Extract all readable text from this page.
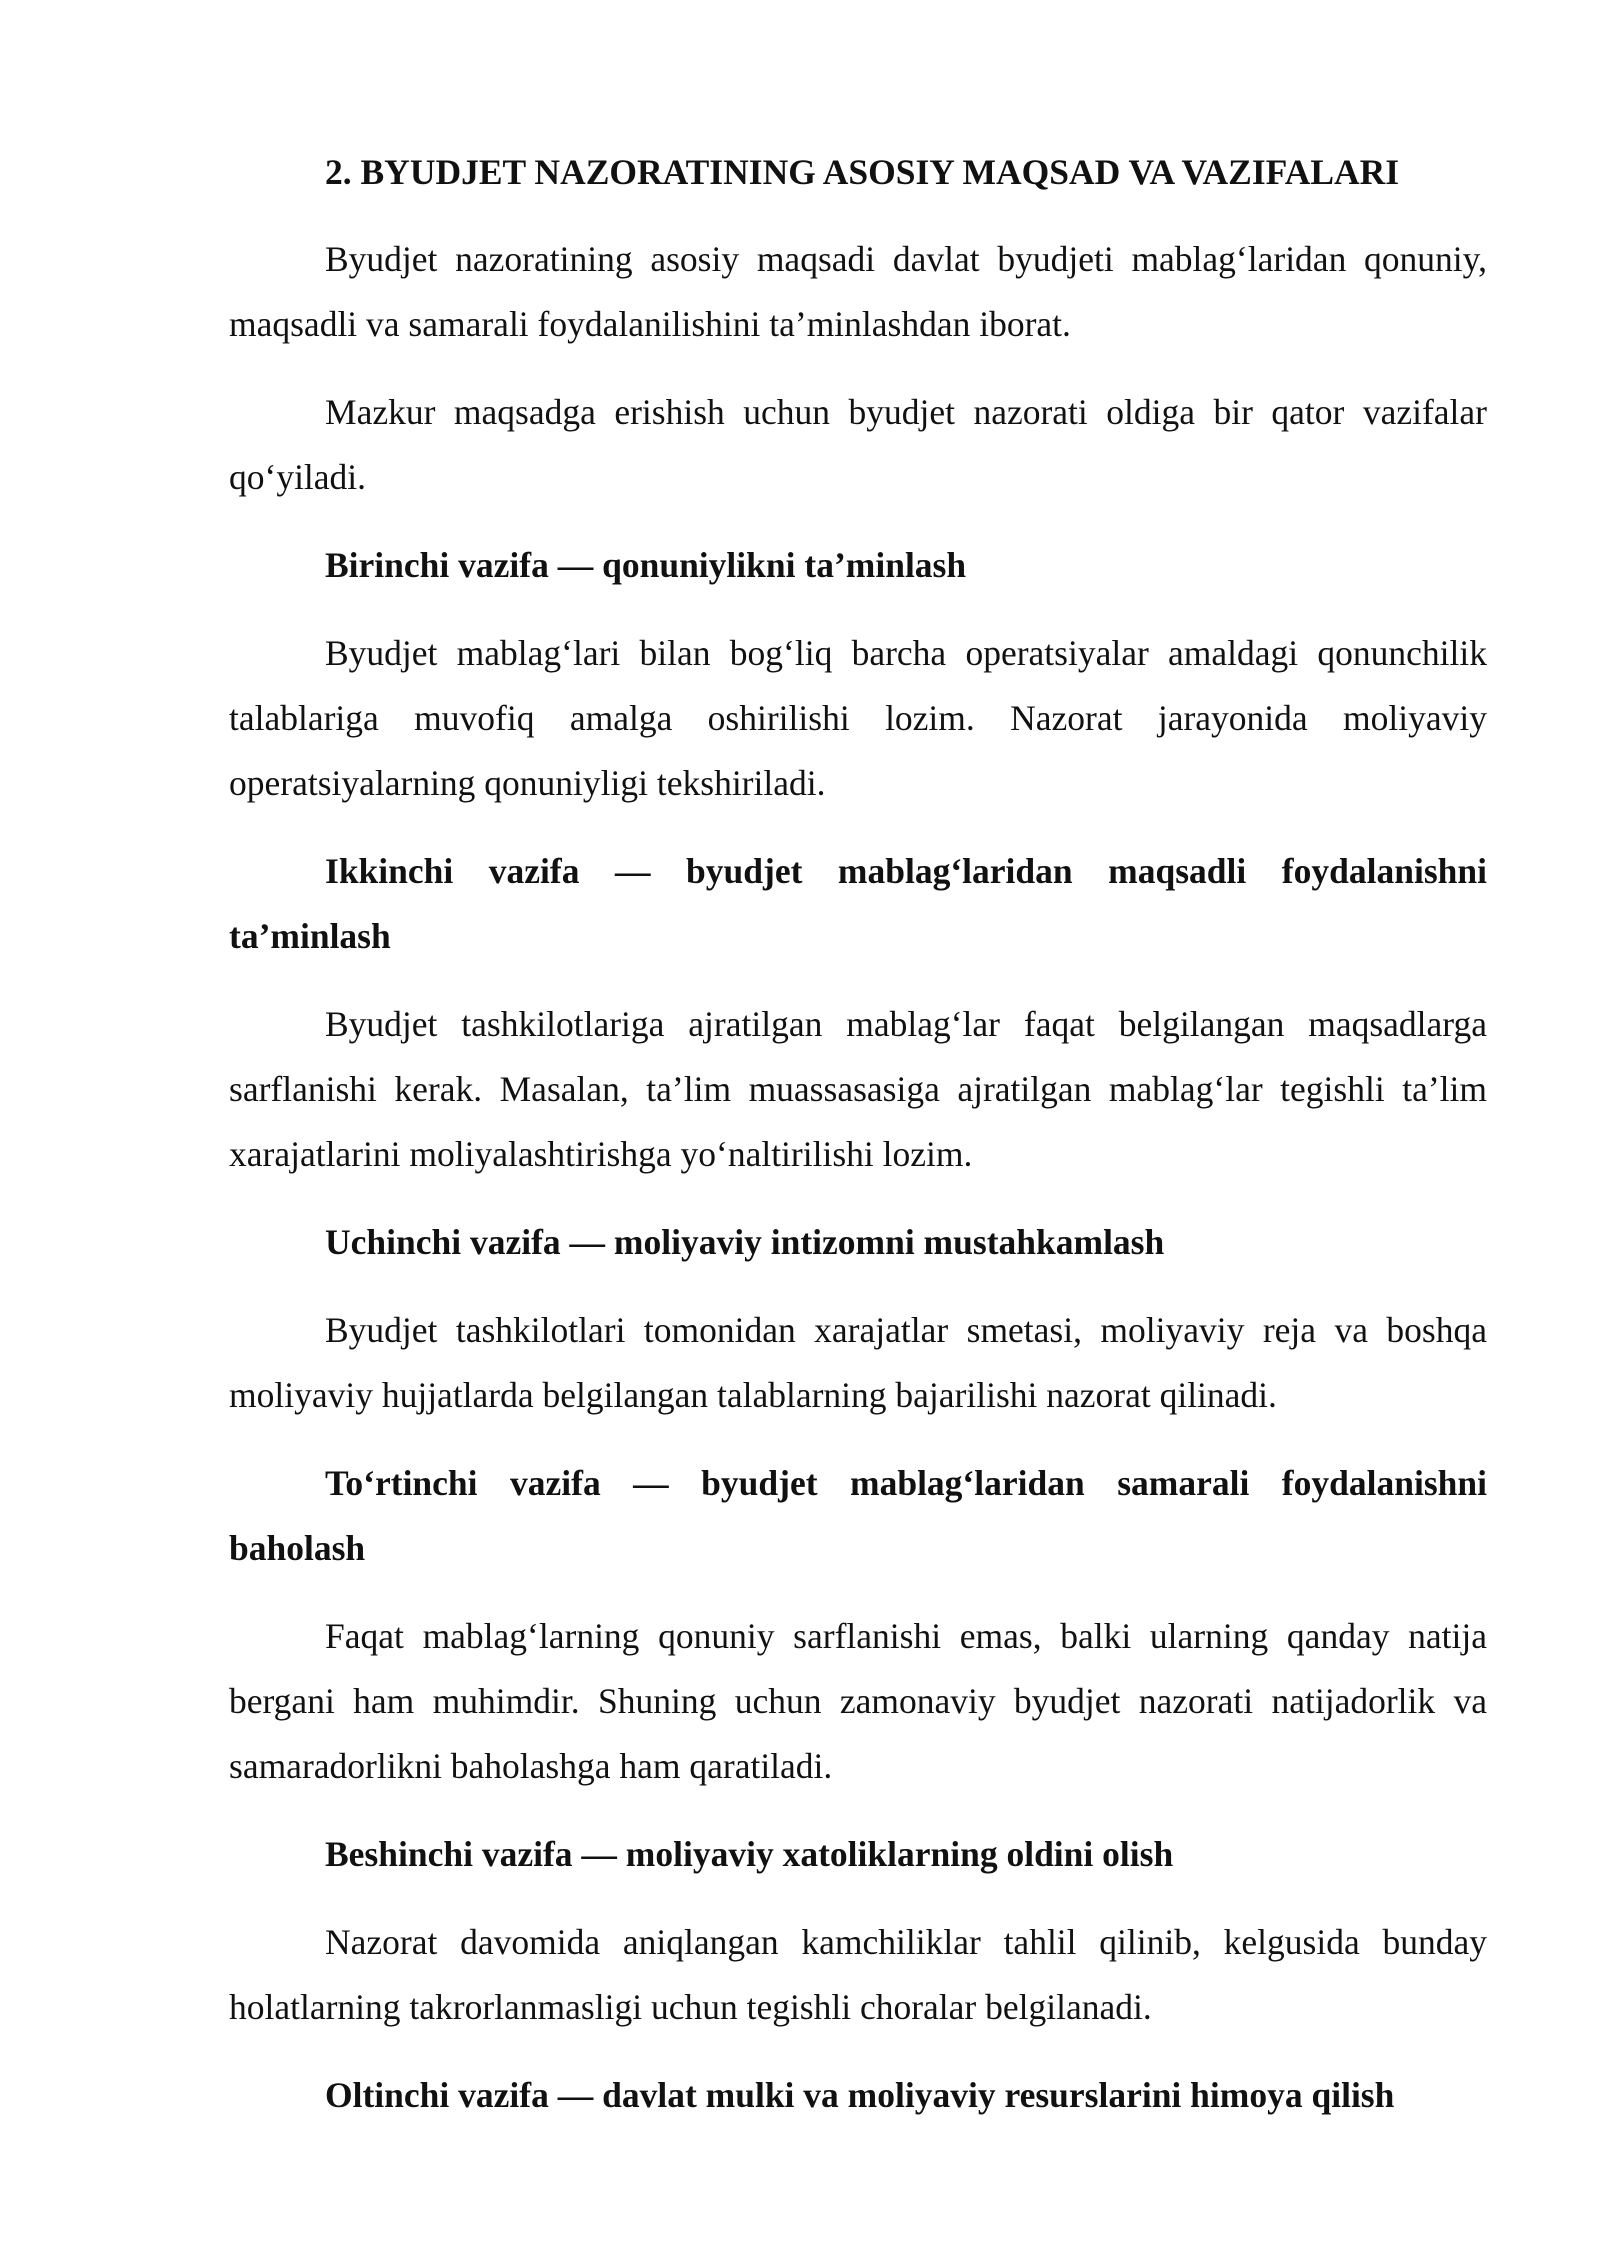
2. BYUDJET NAZORATINING ASOSIY MAQSAD VA VAZIFALARI

Byudjet nazoratining asosiy maqsadi davlat byudjeti mablag‘laridan qonuniy, maqsadli va samarali foydalanilishini ta’minlashdan iborat.

Mazkur maqsadga erishish uchun byudjet nazorati oldiga bir qator vazifalar qo‘yiladi.

Birinchi vazifa — qonuniylikni ta’minlash

Byudjet mablag‘lari bilan bog‘liq barcha operatsiyalar amaldagi qonunchilik talablariga muvofiq amalga oshirilishi lozim. Nazorat jarayonida moliyaviy operatsiyalarning qonuniyligi tekshiriladi.

Ikkinchi vazifa — byudjet mablag‘laridan maqsadli foydalanishni ta’minlash

Byudjet tashkilotlariga ajratilgan mablag‘lar faqat belgilangan maqsadlarga sarflanishi kerak. Masalan, ta’lim muassasasiga ajratilgan mablag‘lar tegishli ta’lim xarajatlarini moliyalashtirishga yo‘naltirilishi lozim.

Uchinchi vazifa — moliyaviy intizomni mustahkamlash

Byudjet tashkilotlari tomonidan xarajatlar smetasi, moliyaviy reja va boshqa moliyaviy hujjatlarda belgilangan talablarning bajarilishi nazorat qilinadi.

To‘rtinchi vazifa — byudjet mablag‘laridan samarali foydalanishni baholash

Faqat mablag‘larning qonuniy sarflanishi emas, balki ularning qanday natija bergani ham muhimdir. Shuning uchun zamonaviy byudjet nazorati natijadorlik va samaradorlikni baholashga ham qaratiladi.

Beshinchi vazifa — moliyaviy xatoliklarning oldini olish

Nazorat davomida aniqlangan kamchiliklar tahlil qilinib, kelgusida bunday holatlarning takrorlanmasligi uchun tegishli choralar belgilanadi.

Oltinchi vazifa — davlat mulki va moliyaviy resurslarini himoya qilish
